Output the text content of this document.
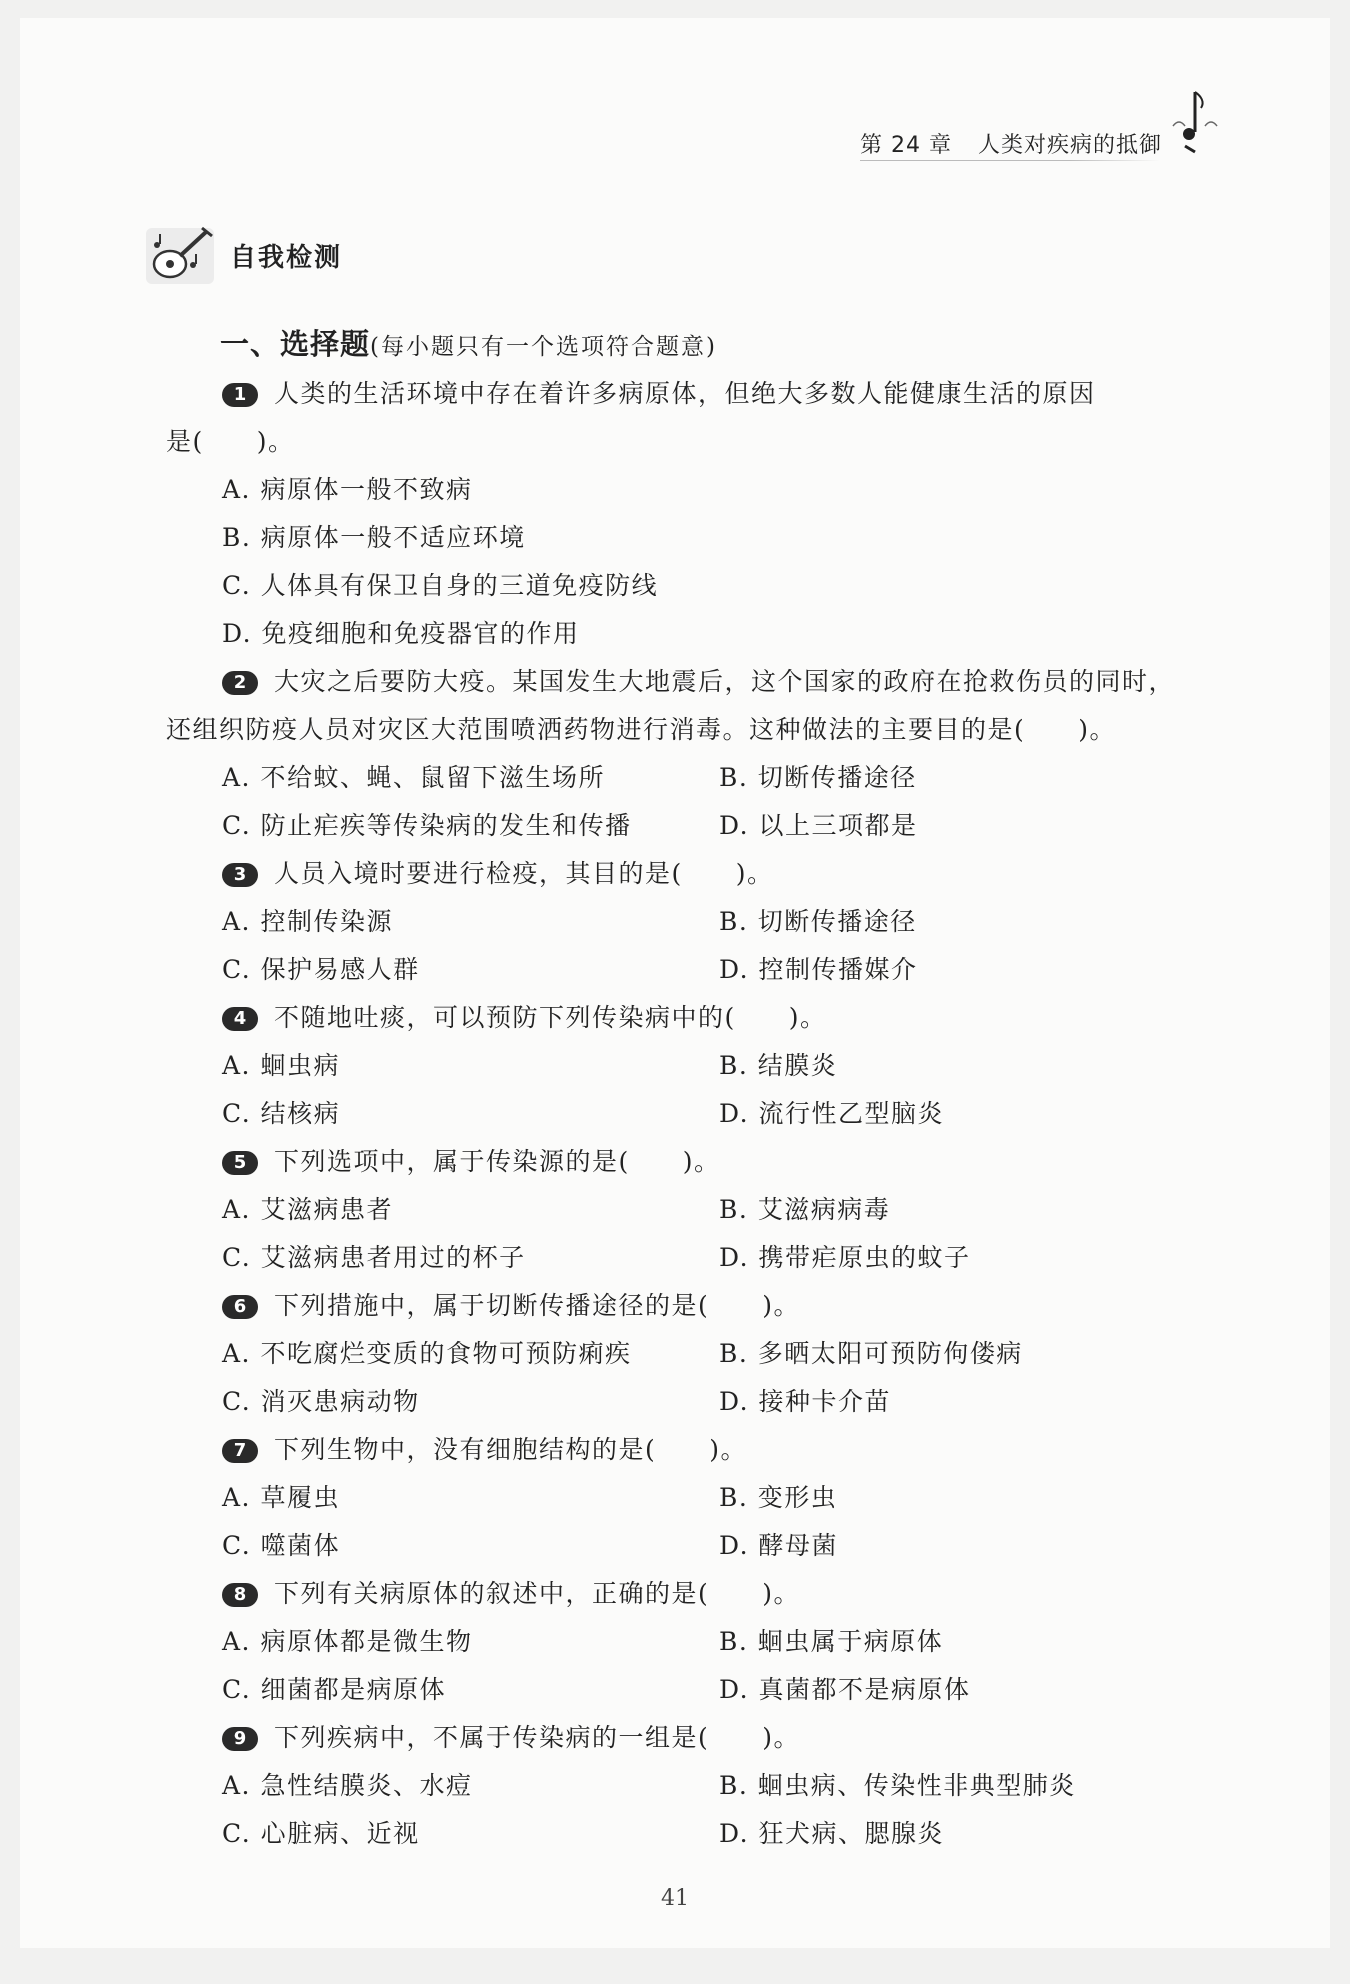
第 24 章 人类对疾病的抵御
自我检测
一、选择题(每小题只有一个选项符合题意)
1 人类的生活环境中存在着许多病原体，但绝大多数人能健康生活的原因
是(　　)。
A. 病原体一般不致病
B. 病原体一般不适应环境
C. 人体具有保卫自身的三道免疫防线
D. 免疫细胞和免疫器官的作用
2 大灾之后要防大疫。某国发生大地震后，这个国家的政府在抢救伤员的同时，
还组织防疫人员对灾区大范围喷洒药物进行消毒。这种做法的主要目的是(　　)。
A. 不给蚊、蝇、鼠留下滋生场所	B. 切断传播途径
C. 防止疟疾等传染病的发生和传播	D. 以上三项都是
3 人员入境时要进行检疫，其目的是(　　)。
A. 控制传染源	B. 切断传播途径
C. 保护易感人群	D. 控制传播媒介
4 不随地吐痰，可以预防下列传染病中的(　　)。
A. 蛔虫病	B. 结膜炎
C. 结核病	D. 流行性乙型脑炎
5 下列选项中，属于传染源的是(　　)。
A. 艾滋病患者	B. 艾滋病病毒
C. 艾滋病患者用过的杯子	D. 携带疟原虫的蚊子
6 下列措施中，属于切断传播途径的是(　　)。
A. 不吃腐烂变质的食物可预防痢疾	B. 多晒太阳可预防佝偻病
C. 消灭患病动物	D. 接种卡介苗
7 下列生物中，没有细胞结构的是(　　)。
A. 草履虫	B. 变形虫
C. 噬菌体	D. 酵母菌
8 下列有关病原体的叙述中，正确的是(　　)。
A. 病原体都是微生物	B. 蛔虫属于病原体
C. 细菌都是病原体	D. 真菌都不是病原体
9 下列疾病中，不属于传染病的一组是(　　)。
A. 急性结膜炎、水痘	B. 蛔虫病、传染性非典型肺炎
C. 心脏病、近视	D. 狂犬病、腮腺炎
41
